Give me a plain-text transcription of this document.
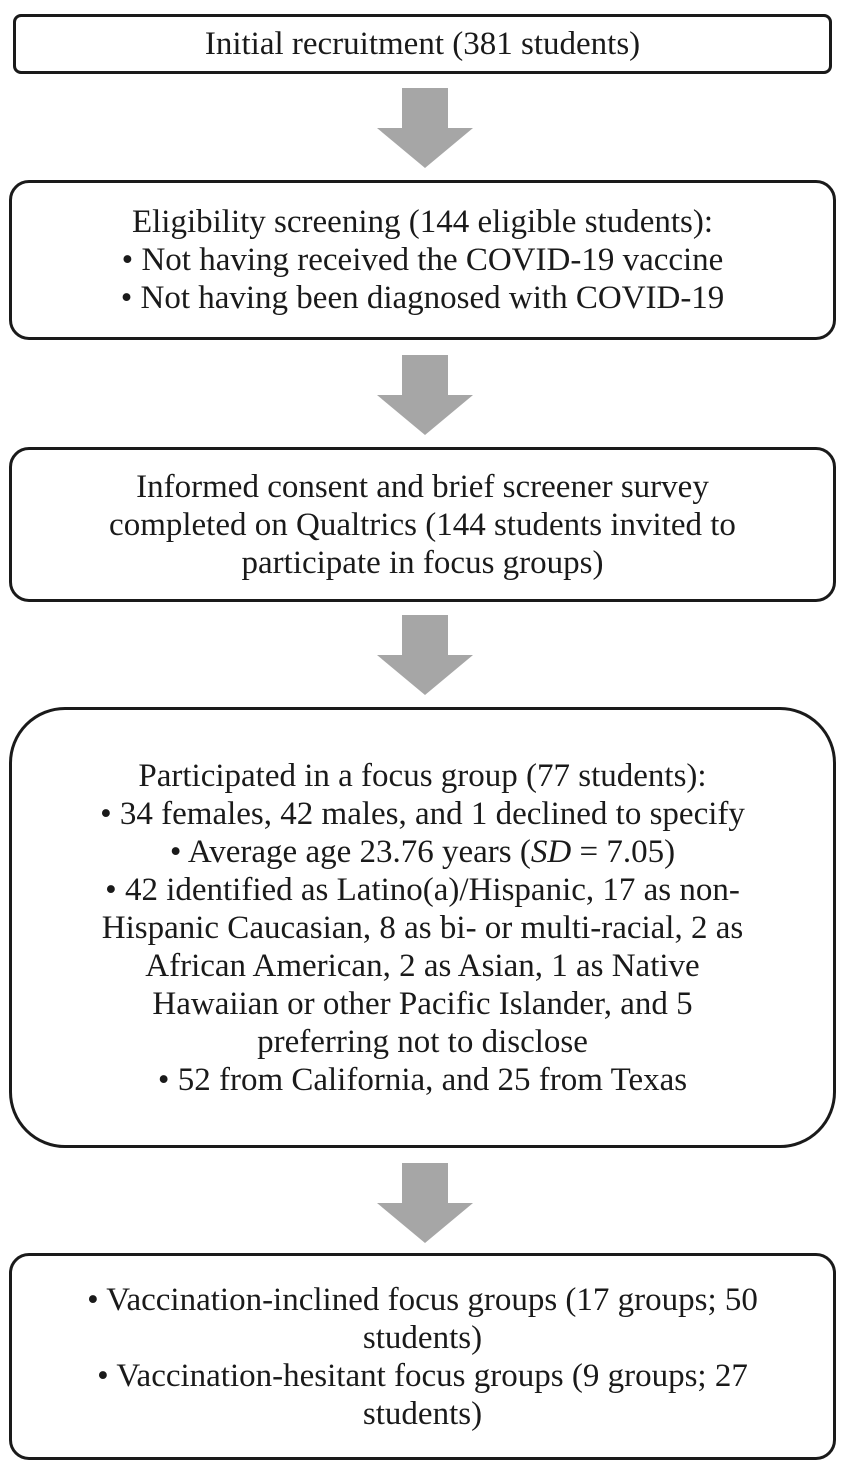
Initial recruitment (381 students)

Eligibility screening (144 eligible students):

• Not having received the COVID-19 vaccine

• Not having been diagnosed with COVID-19

Informed consent and brief screener survey

completed on Qualtrics (144 students invited to

participate in focus groups)

Participated in a focus group (77 students):

• 34 females, 42 males, and 1 declined to specify

• Average age 23.76 years (SD = 7.05)

• 42 identified as Latino(a)/Hispanic, 17 as non-

Hispanic Caucasian, 8 as bi- or multi-racial, 2 as

African American, 2 as Asian, 1 as Native

Hawaiian or other Pacific Islander, and 5

preferring not to disclose

• 52 from California, and 25 from Texas

• Vaccination-inclined focus groups (17 groups; 50

students)

• Vaccination-hesitant focus groups (9 groups; 27

students)
